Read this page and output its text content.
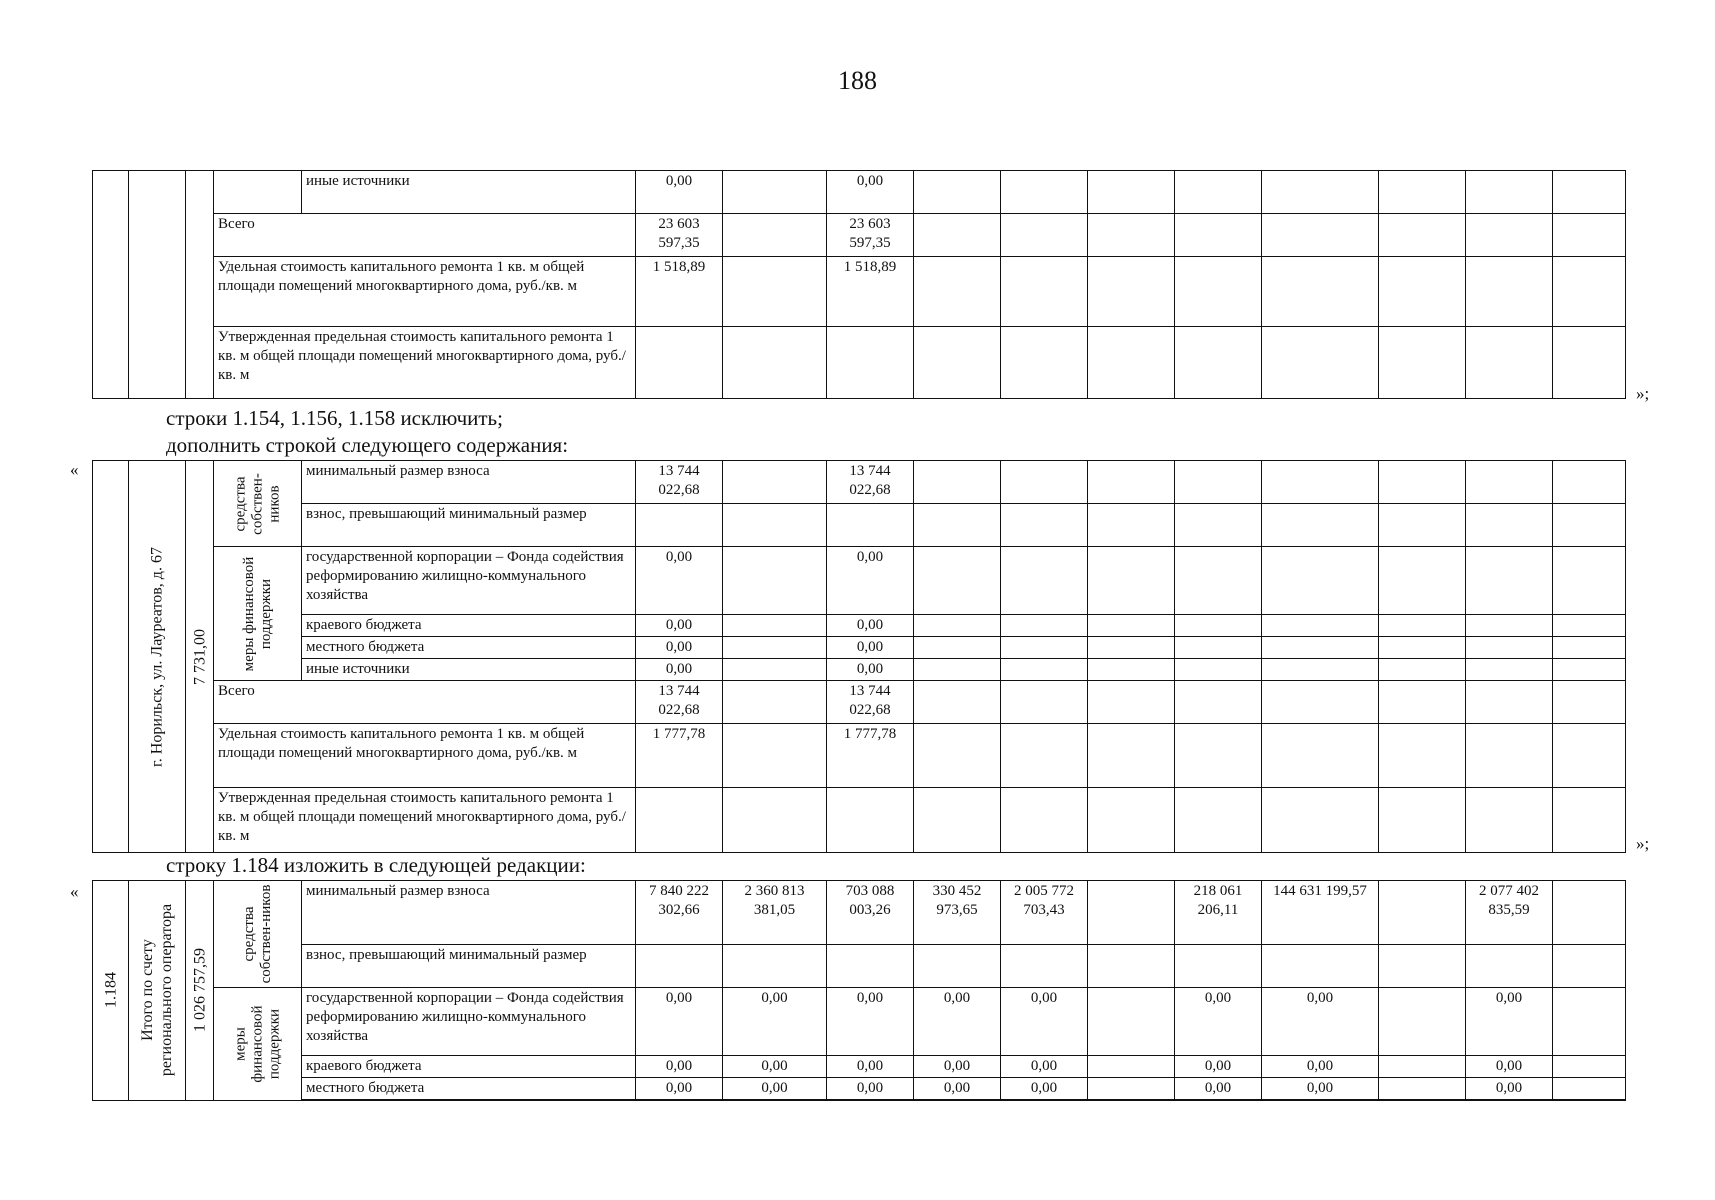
188
				иные источники	0,00		0,00								
			Всего		23 603 597,35		23 603 597,35								
			Удельная стоимость капитального ремонта 1 кв. м общей площади помещений многоквартирного дома, руб./кв. м		1 518,89		1 518,89								
			Утвержденная предельная стоимость капитального ремонта 1 кв. м общей площади помещений многоквартирного дома, руб./кв. м												
»;
строки 1.154, 1.156, 1.158 исключить;
дополнить строкой следующего содержания:
«

	г. Норильск, ул. Лауреатов, д. 67	7 731,00	средства собствен-ников	минимальный размер взноса	13 744 022,68		13 744 022,68								
				взнос, превышающий минимальный размер											

			меры финансовой поддержки	государственной корпорации – Фонда содействия реформированию жилищно-коммунального хозяйства	0,00		0,00								
				краевого бюджета	0,00		0,00								
				местного бюджета	0,00		0,00								
				иные источники	0,00		0,00								
			Всего		13 744 022,68		13 744 022,68								
			Удельная стоимость капитального ремонта 1 кв. м общей площади помещений многоквартирного дома, руб./кв. м		1 777,78		1 777,78								
			Утвержденная предельная стоимость капитального ремонта 1 кв. м общей площади помещений многоквартирного дома, руб./кв. м													»;
строку 1.184 изложить в следующей редакции:
«
1.184	Итого по счету регионального оператора	1 026 757,59	средства собствен-ников	минимальный размер взноса	7 840 222 302,66	2 360 813 381,05	703 088 003,26	330 452 973,65	2 005 772 703,43		218 061 206,11	144 631 199,57		2 077 402 835,59	
				взнос, превышающий минимальный размер											

			меры финансовой поддержки	государственной корпорации – Фонда содействия реформированию жилищно-коммунального хозяйства	0,00	0,00	0,00	0,00	0,00		0,00	0,00		0,00	
				краевого бюджета	0,00	0,00	0,00	0,00	0,00		0,00	0,00		0,00	
				местного бюджета	0,00	0,00	0,00	0,00	0,00		0,00	0,00		0,00	
